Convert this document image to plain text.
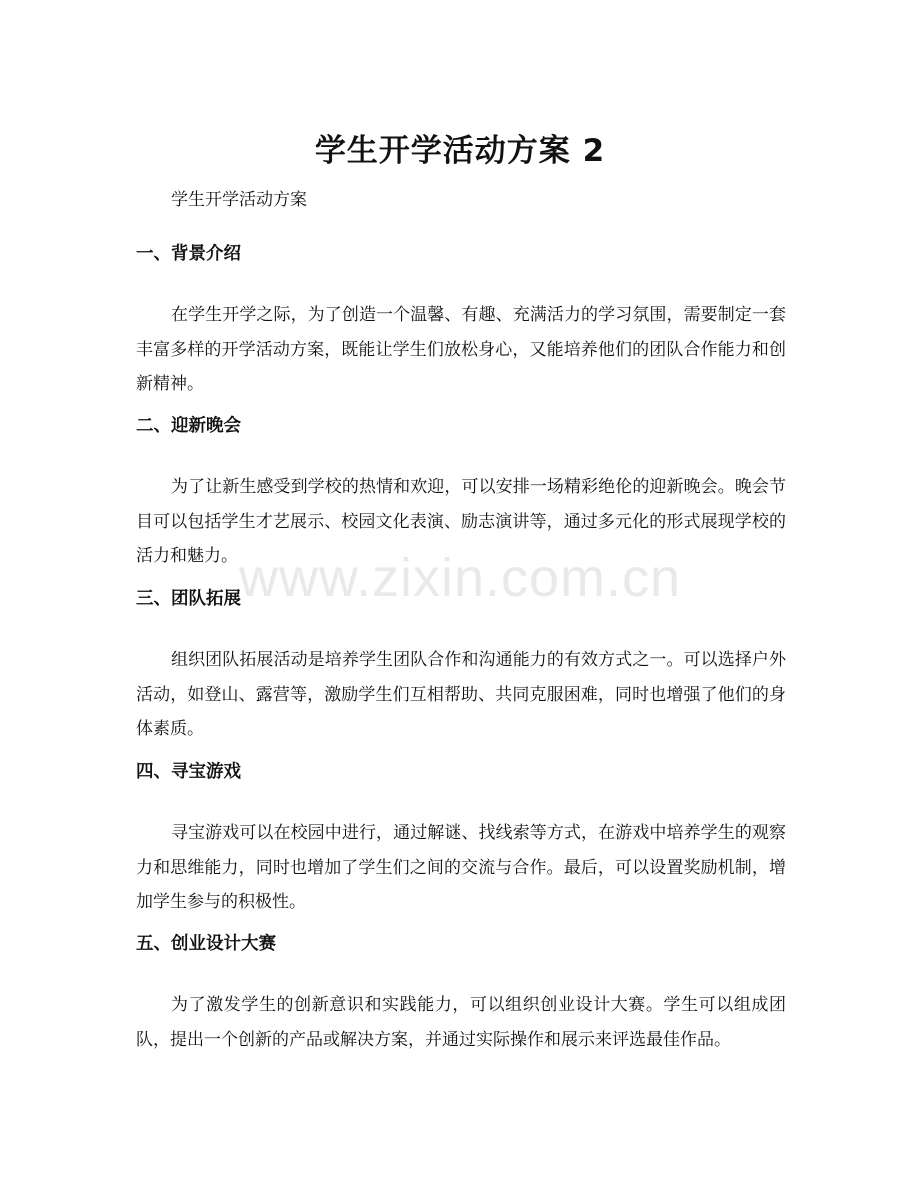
学生开学活动方案 2
学生开学活动方案
一、背景介绍

在学生开学之际，为了创造一个温馨、有趣、充满活力的学习氛围，需要制定一套丰富多样的开学活动方案，既能让学生们放松身心，又能培养他们的团队合作能力和创新精神。

二、迎新晚会

为了让新生感受到学校的热情和欢迎，可以安排一场精彩绝伦的迎新晚会。晚会节目可以包括学生才艺展示、校园文化表演、励志演讲等，通过多元化的形式展现学校的活力和魅力。

三、团队拓展

组织团队拓展活动是培养学生团队合作和沟通能力的有效方式之一。可以选择户外活动，如登山、露营等，激励学生们互相帮助、共同克服困难，同时也增强了他们的身体素质。

四、寻宝游戏

寻宝游戏可以在校园中进行，通过解谜、找线索等方式，在游戏中培养学生的观察力和思维能力，同时也增加了学生们之间的交流与合作。最后，可以设置奖励机制，增加学生参与的积极性。

五、创业设计大赛

为了激发学生的创新意识和实践能力，可以组织创业设计大赛。学生可以组成团队，提出一个创新的产品或解决方案，并通过实际操作和展示来评选最佳作品。

www.zixin.com.cn
